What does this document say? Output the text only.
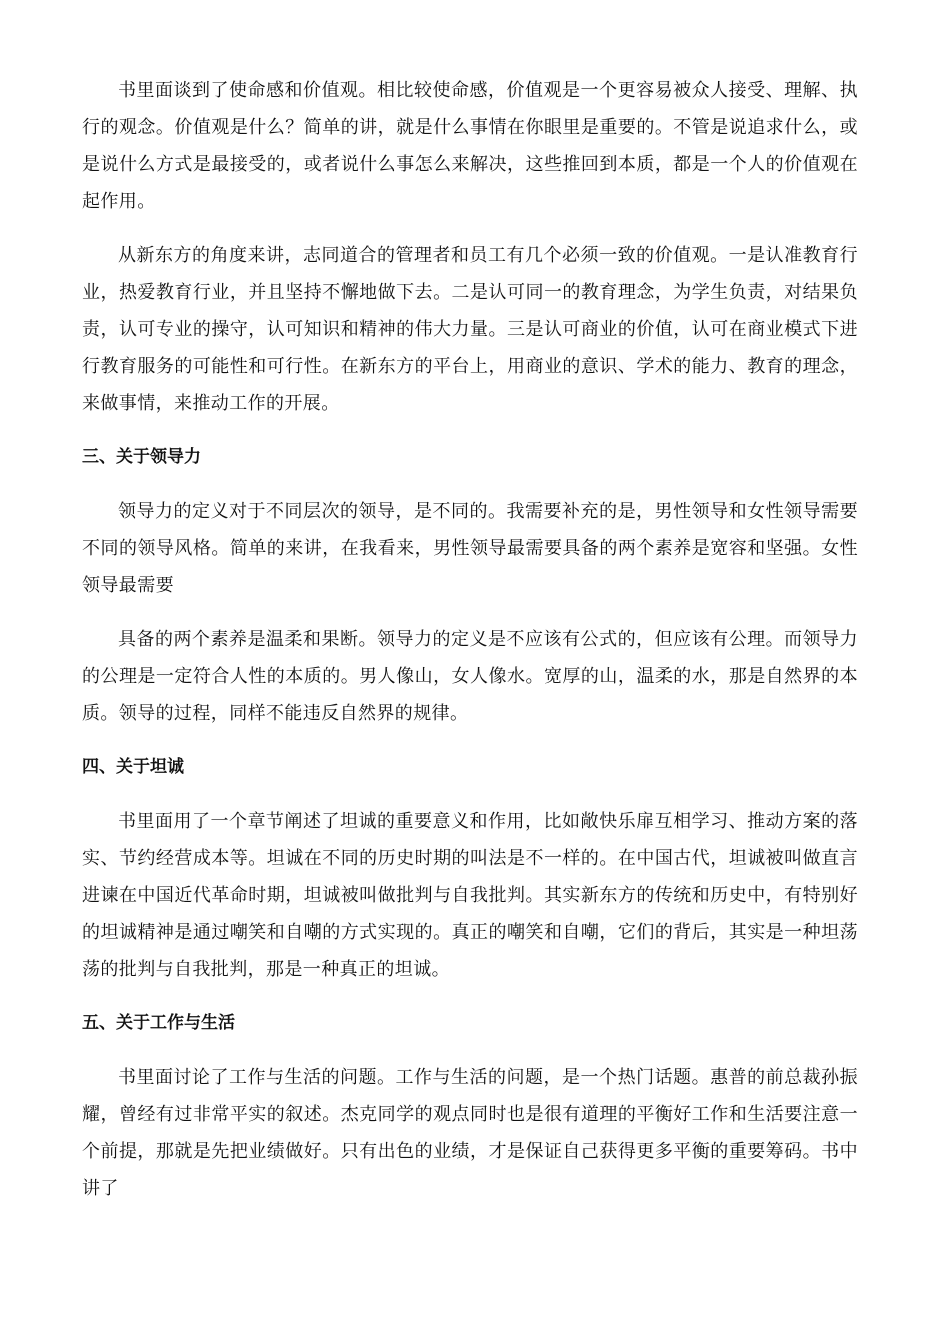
书里面谈到了使命感和价值观。相比较使命感，价值观是一个更容易被众人接受、理解、执行的观念。价值观是什么？简单的讲，就是什么事情在你眼里是重要的。不管是说追求什么，或是说什么方式是最接受的，或者说什么事怎么来解决，这些推回到本质，都是一个人的价值观在起作用。

从新东方的角度来讲，志同道合的管理者和员工有几个必须一致的价值观。一是认准教育行业，热爱教育行业，并且坚持不懈地做下去。二是认可同一的教育理念，为学生负责，对结果负责，认可专业的操守，认可知识和精神的伟大力量。三是认可商业的价值，认可在商业模式下进行教育服务的可能性和可行性。在新东方的平台上，用商业的意识、学术的能力、教育的理念，来做事情，来推动工作的开展。

三、关于领导力

领导力的定义对于不同层次的领导，是不同的。我需要补充的是，男性领导和女性领导需要不同的领导风格。简单的来讲，在我看来，男性领导最需要具备的两个素养是宽容和坚强。女性领导最需要

具备的两个素养是温柔和果断。领导力的定义是不应该有公式的，但应该有公理。而领导力的公理是一定符合人性的本质的。男人像山，女人像水。宽厚的山，温柔的水，那是自然界的本质。领导的过程，同样不能违反自然界的规律。

四、关于坦诚

书里面用了一个章节阐述了坦诚的重要意义和作用，比如敞快乐扉互相学习、推动方案的落实、节约经营成本等。坦诚在不同的历史时期的叫法是不一样的。在中国古代，坦诚被叫做直言进谏在中国近代革命时期，坦诚被叫做批判与自我批判。其实新东方的传统和历史中，有特别好的坦诚精神是通过嘲笑和自嘲的方式实现的。真正的嘲笑和自嘲，它们的背后，其实是一种坦荡荡的批判与自我批判，那是一种真正的坦诚。

五、关于工作与生活

书里面讨论了工作与生活的问题。工作与生活的问题，是一个热门话题。惠普的前总裁孙振耀，曾经有过非常平实的叙述。杰克同学的观点同时也是很有道理的平衡好工作和生活要注意一个前提，那就是先把业绩做好。只有出色的业绩，才是保证自己获得更多平衡的重要筹码。书中讲了
